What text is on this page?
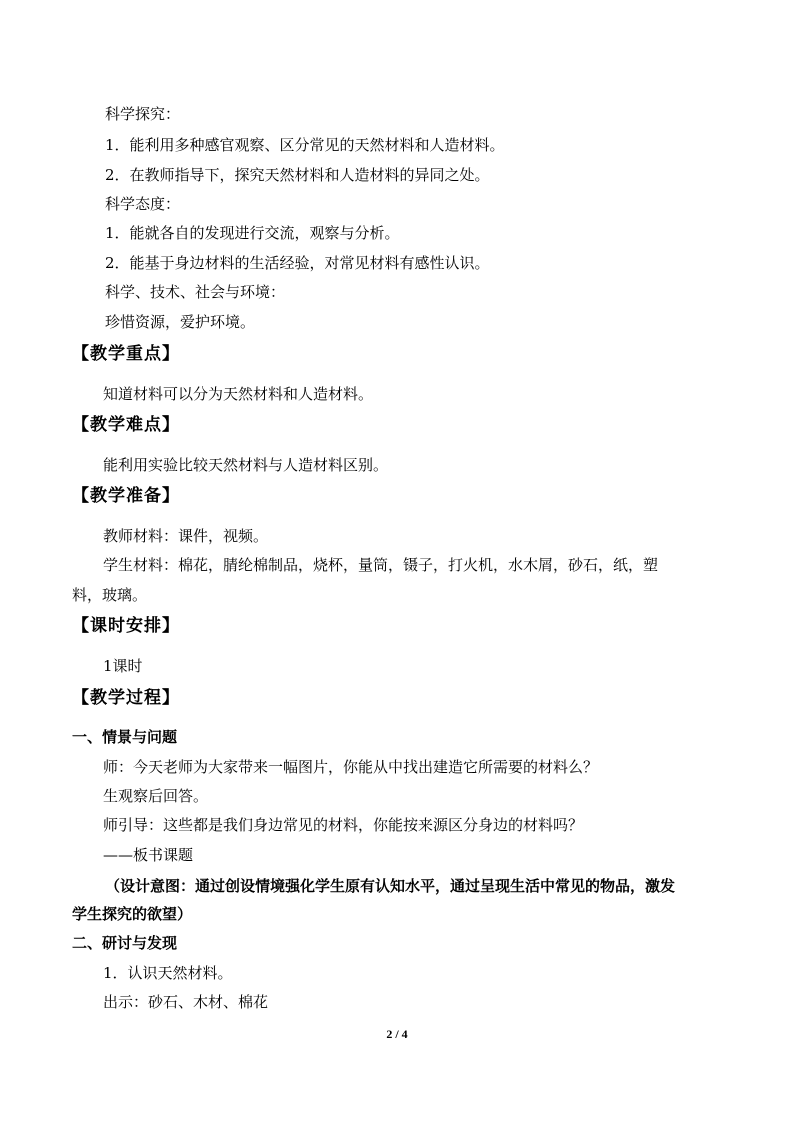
科学探究：
1．能利用多种感官观察、区分常见的天然材料和人造材料。
2．在教师指导下，探究天然材料和人造材料的异同之处。
科学态度：
1．能就各自的发现进行交流，观察与分析。
2．能基于身边材料的生活经验，对常见材料有感性认识。
科学、技术、社会与环境：
珍惜资源，爱护环境。
【教学重点】
知道材料可以分为天然材料和人造材料。
【教学难点】
能利用实验比较天然材料与人造材料区别。
【教学准备】
教师材料：课件，视频。
学生材料：棉花，腈纶棉制品，烧杯，量筒，镊子，打火机，水木屑，砂石，纸，塑
料，玻璃。
【课时安排】
1课时
【教学过程】
一、情景与问题
师：今天老师为大家带来一幅图片，你能从中找出建造它所需要的材料么？
生观察后回答。
师引导：这些都是我们身边常见的材料，你能按来源区分身边的材料吗？
——板书课题
（设计意图：通过创设情境强化学生原有认知水平，通过呈现生活中常见的物品，激发
学生探究的欲望）
二、研讨与发现
1．认识天然材料。
出示：砂石、木材、棉花
2 / 4
